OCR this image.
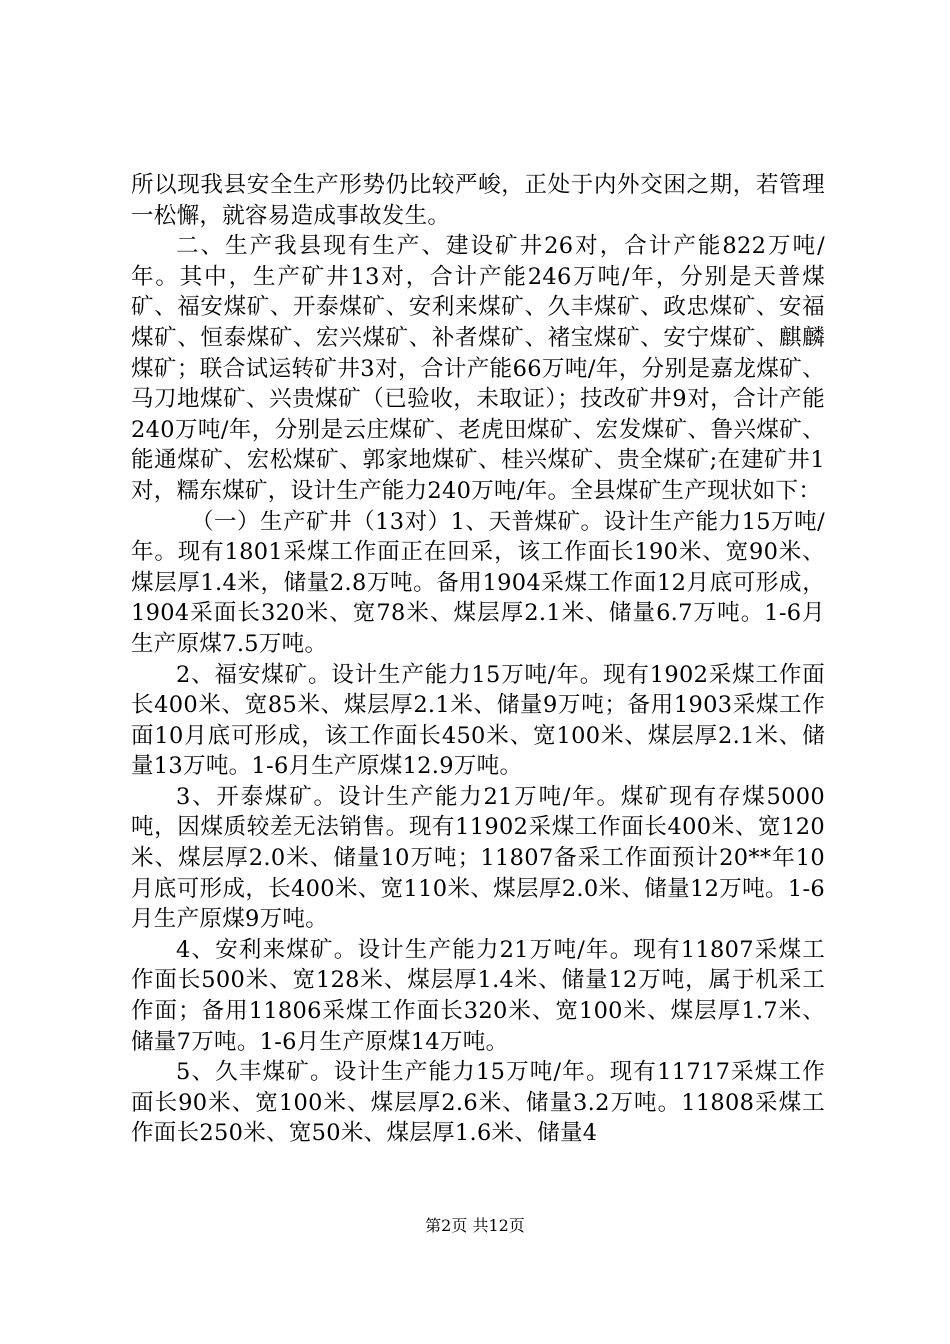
所以现我县安全生产形势仍比较严峻，正处于内外交困之期，若管理一松懈，就容易造成事故发生。

二、生产我县现有生产、建设矿井26对，合计产能822万吨/年。其中，生产矿井13对，合计产能246万吨/年，分别是天普煤矿、福安煤矿、开泰煤矿、安利来煤矿、久丰煤矿、政忠煤矿、安福煤矿、恒泰煤矿、宏兴煤矿、补者煤矿、褚宝煤矿、安宁煤矿、麒麟煤矿；联合试运转矿井3对，合计产能66万吨/年，分别是嘉龙煤矿、马刀地煤矿、兴贵煤矿（已验收，未取证）；技改矿井9对，合计产能240万吨/年，分别是云庄煤矿、老虎田煤矿、宏发煤矿、鲁兴煤矿、能通煤矿、宏松煤矿、郭家地煤矿、桂兴煤矿、贵全煤矿;在建矿井1对，糯东煤矿，设计生产能力240万吨/年。全县煤矿生产现状如下：

（一）生产矿井（13对）1、天普煤矿。设计生产能力15万吨/年。现有1801采煤工作面正在回采，该工作面长190米、宽90米、煤层厚1.4米，储量2.8万吨。备用1904采煤工作面12月底可形成，1904采面长320米、宽78米、煤层厚2.1米、储量6.7万吨。1-6月生产原煤7.5万吨。

2、福安煤矿。设计生产能力15万吨/年。现有1902采煤工作面长400米、宽85米、煤层厚2.1米、储量9万吨；备用1903采煤工作面10月底可形成，该工作面长450米、宽100米、煤层厚2.1米、储量13万吨。1-6月生产原煤12.9万吨。

3、开泰煤矿。设计生产能力21万吨/年。煤矿现有存煤5000吨，因煤质较差无法销售。现有11902采煤工作面长400米、宽120米、煤层厚2.0米、储量10万吨；11807备采工作面预计20**年10月底可形成，长400米、宽110米、煤层厚2.0米、储量12万吨。1-6月生产原煤9万吨。

4、安利来煤矿。设计生产能力21万吨/年。现有11807采煤工作面长500米、宽128米、煤层厚1.4米、储量12万吨，属于机采工作面；备用11806采煤工作面长320米、宽100米、煤层厚1.7米、储量7万吨。1-6月生产原煤14万吨。

5、久丰煤矿。设计生产能力15万吨/年。现有11717采煤工作面长90米、宽100米、煤层厚2.6米、储量3.2万吨。11808采煤工作面长250米、宽50米、煤层厚1.6米、储量4

第2页 共12页
